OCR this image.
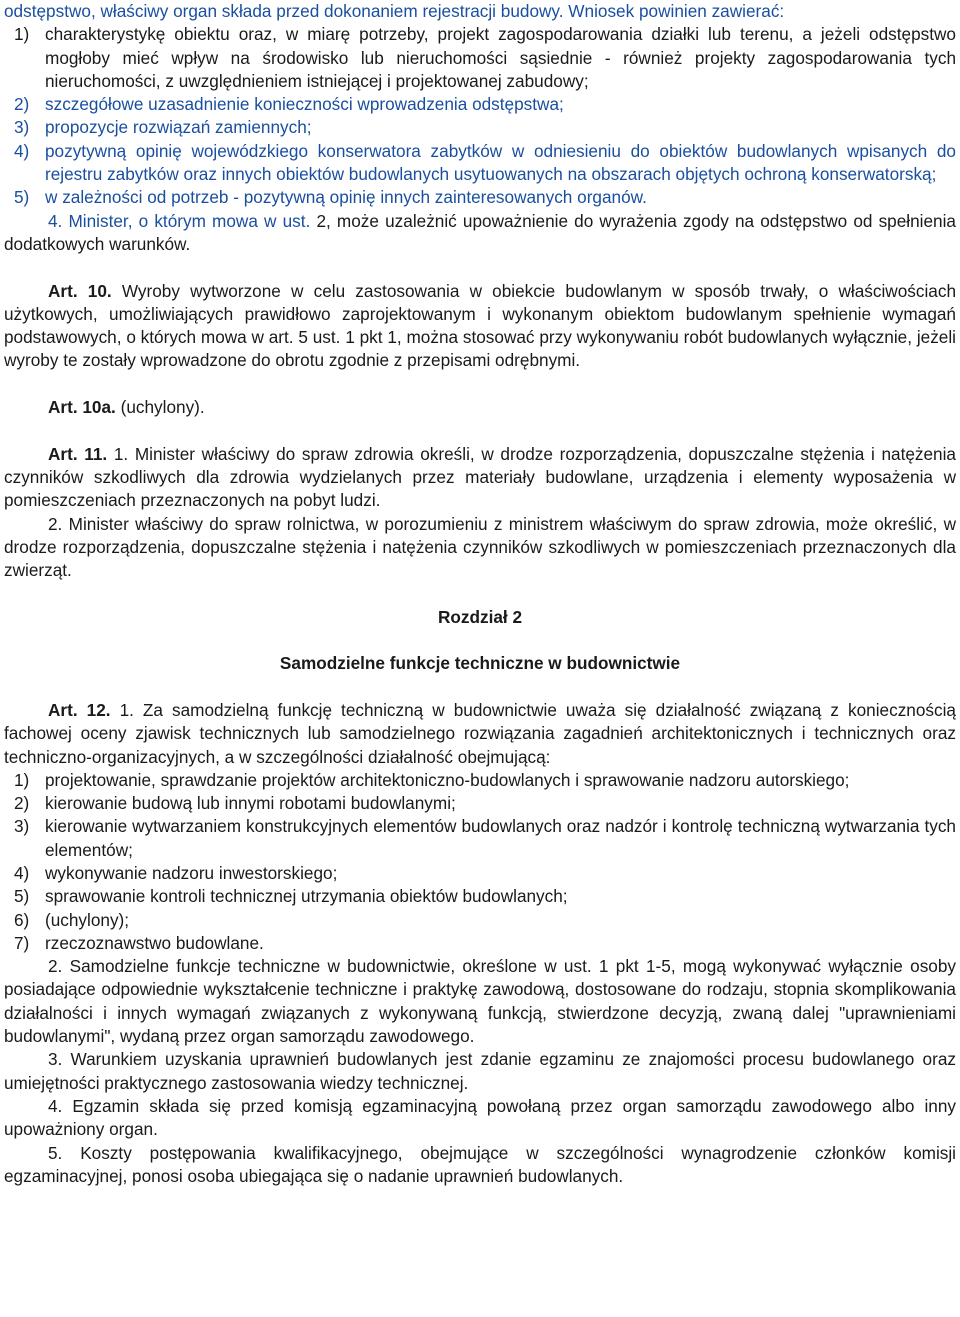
odstępstwo, właściwy organ składa przed dokonaniem rejestracji budowy. Wniosek powinien zawierać:

1) charakterystykę obiektu oraz, w miarę potrzeby, projekt zagospodarowania działki lub terenu, a jeżeli odstępstwo mogłoby mieć wpływ na środowisko lub nieruchomości sąsiednie - również projekty zagospodarowania tych nieruchomości, z uwzględnieniem istniejącej i projektowanej zabudowy;
2) szczegółowe uzasadnienie konieczności wprowadzenia odstępstwa;
3) propozycje rozwiązań zamiennych;
4) pozytywną opinię wojewódzkiego konserwatora zabytków w odniesieniu do obiektów budowlanych wpisanych do rejestru zabytków oraz innych obiektów budowlanych usytuowanych na obszarach objętych ochroną konserwatorską;
5) w zależności od potrzeb - pozytywną opinię innych zainteresowanych organów.

4. Minister, o którym mowa w ust. 2, może uzależnić upoważnienie do wyrażenia zgody na odstępstwo od spełnienia dodatkowych warunków.

Art. 10. Wyroby wytworzone w celu zastosowania w obiekcie budowlanym w sposób trwały, o właściwościach użytkowych, umożliwiających prawidłowo zaprojektowanym i wykonanym obiektom budowlanym spełnienie wymagań podstawowych, o których mowa w art. 5 ust. 1 pkt 1, można stosować przy wykonywaniu robót budowlanych wyłącznie, jeżeli wyroby te zostały wprowadzone do obrotu zgodnie z przepisami odrębnymi.

Art. 10a. (uchylony).

Art. 11. 1. Minister właściwy do spraw zdrowia określi, w drodze rozporządzenia, dopuszczalne stężenia i natężenia czynników szkodliwych dla zdrowia wydzielanych przez materiały budowlane, urządzenia i elementy wyposażenia w pomieszczeniach przeznaczonych na pobyt ludzi.

2. Minister właściwy do spraw rolnictwa, w porozumieniu z ministrem właściwym do spraw zdrowia, może określić, w drodze rozporządzenia, dopuszczalne stężenia i natężenia czynników szkodliwych w pomieszczeniach przeznaczonych dla zwierząt.

Rozdział 2

Samodzielne funkcje techniczne w budownictwie

Art. 12. 1. Za samodzielną funkcję techniczną w budownictwie uważa się działalność związaną z koniecznością fachowej oceny zjawisk technicznych lub samodzielnego rozwiązania zagadnień architektonicznych i technicznych oraz techniczno-organizacyjnych, a w szczególności działalność obejmującą:

1) projektowanie, sprawdzanie projektów architektoniczno-budowlanych i sprawowanie nadzoru autorskiego;
2) kierowanie budową lub innymi robotami budowlanymi;
3) kierowanie wytwarzaniem konstrukcyjnych elementów budowlanych oraz nadzór i kontrolę techniczną wytwarzania tych elementów;
4) wykonywanie nadzoru inwestorskiego;
5) sprawowanie kontroli technicznej utrzymania obiektów budowlanych;
6) (uchylony);
7) rzeczoznawstwo budowlane.

2. Samodzielne funkcje techniczne w budownictwie, określone w ust. 1 pkt 1-5, mogą wykonywać wyłącznie osoby posiadające odpowiednie wykształcenie techniczne i praktykę zawodową, dostosowane do rodzaju, stopnia skomplikowania działalności i innych wymagań związanych z wykonywaną funkcją, stwierdzone decyzją, zwaną dalej "uprawnieniami budowlanymi", wydaną przez organ samorządu zawodowego.

3. Warunkiem uzyskania uprawnień budowlanych jest zdanie egzaminu ze znajomości procesu budowlanego oraz umiejętności praktycznego zastosowania wiedzy technicznej.

4. Egzamin składa się przed komisją egzaminacyjną powołaną przez organ samorządu zawodowego albo inny upoważniony organ.

5. Koszty postępowania kwalifikacyjnego, obejmujące w szczególności wynagrodzenie członków komisji egzaminacyjnej, ponosi osoba ubiegająca się o nadanie uprawnień budowlanych.
